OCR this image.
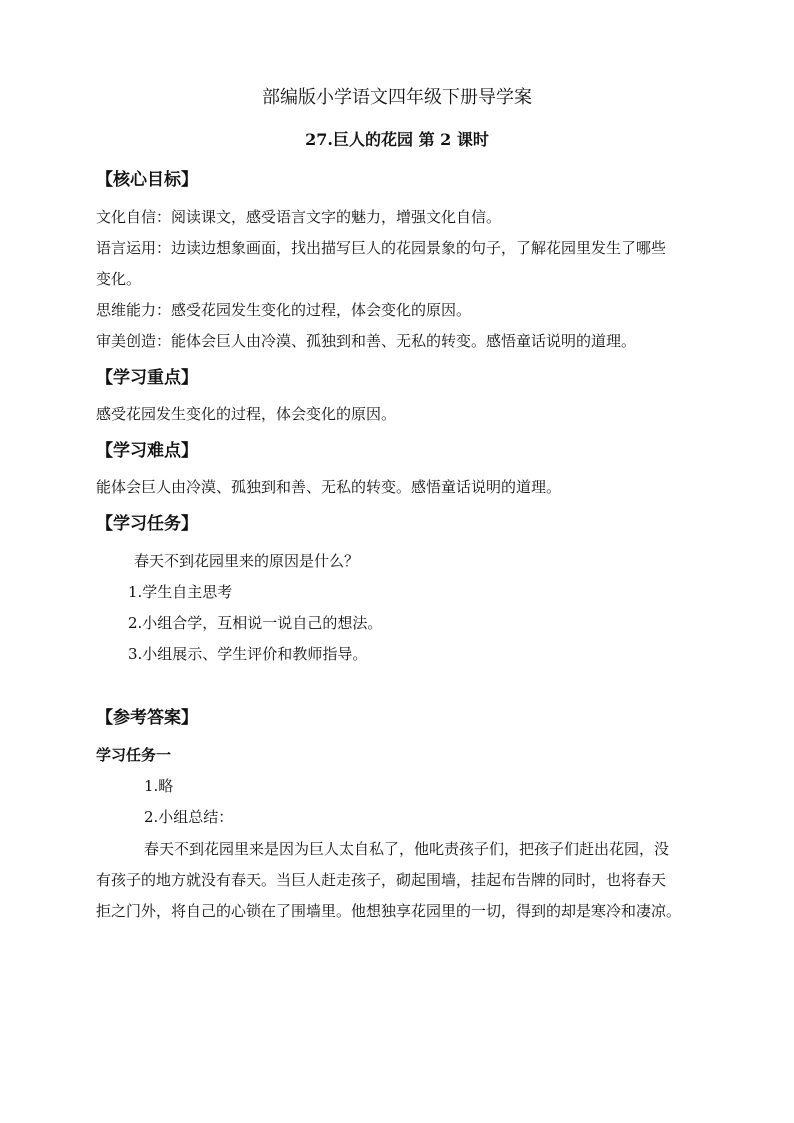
部编版小学语文四年级下册导学案
27.巨人的花园 第 2 课时
【核心目标】
文化自信：阅读课文，感受语言文字的魅力，增强文化自信。
语言运用：边读边想象画面，找出描写巨人的花园景象的句子，了解花园里发生了哪些
变化。
思维能力：感受花园发生变化的过程，体会变化的原因。
审美创造：能体会巨人由冷漠、孤独到和善、无私的转变。感悟童话说明的道理。
【学习重点】
感受花园发生变化的过程，体会变化的原因。
【学习难点】
能体会巨人由冷漠、孤独到和善、无私的转变。感悟童话说明的道理。
【学习任务】
春天不到花园里来的原因是什么？
1.学生自主思考
2.小组合学，互相说一说自己的想法。
3.小组展示、学生评价和教师指导。
【参考答案】
学习任务一
1.略
2.小组总结：
春天不到花园里来是因为巨人太自私了，他叱责孩子们，把孩子们赶出花园，没
有孩子的地方就没有春天。当巨人赶走孩子，砌起围墙，挂起布告牌的同时，也将春天
拒之门外，将自己的心锁在了围墙里。他想独享花园里的一切，得到的却是寒冷和凄凉。
